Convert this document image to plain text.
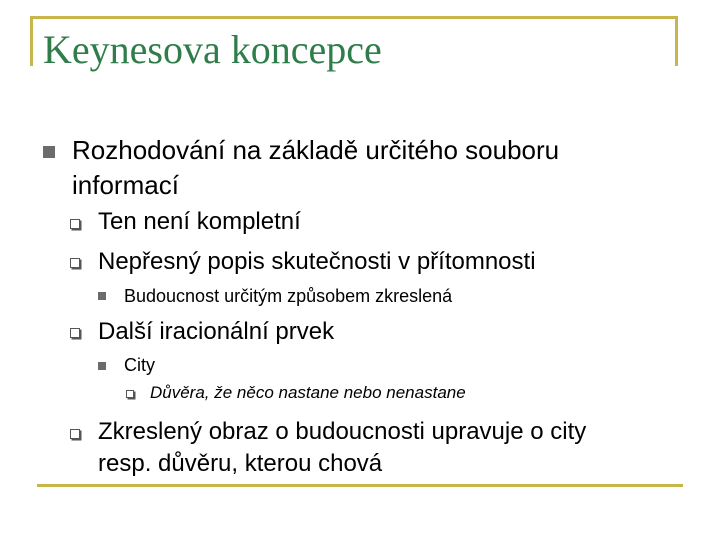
Keynesova koncepce
Rozhodování na základě určitého souboru
informací
Ten není kompletní
Nepřesný popis skutečnosti v přítomnosti
Budoucnost určitým způsobem zkreslená
Další iracionální prvek
City
Důvěra, že něco nastane nebo nenastane
Zkreslený obraz o budoucnosti upravuje o city
resp. důvěru, kterou chová
